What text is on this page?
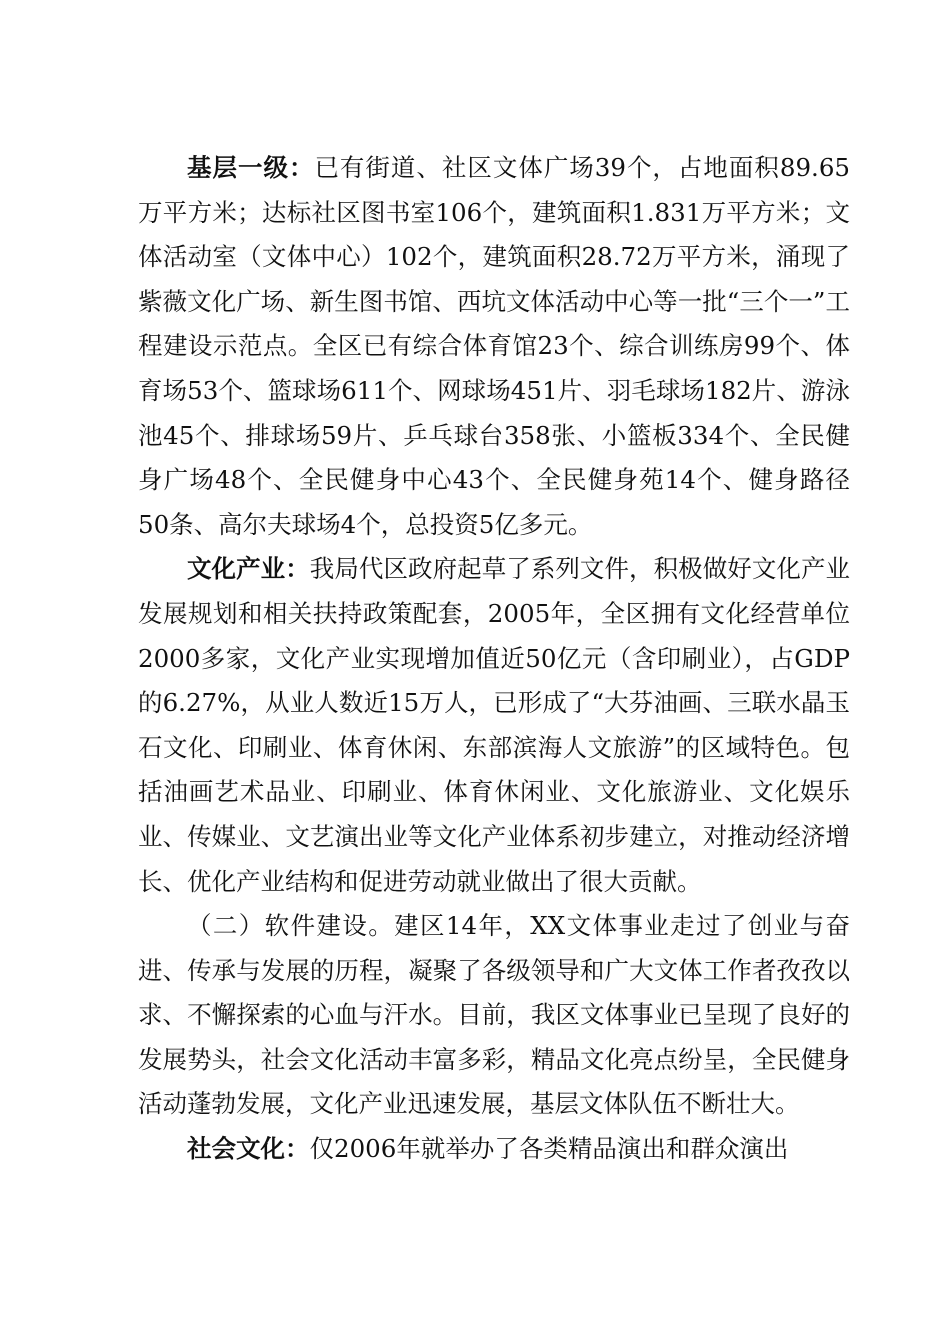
基层一级：已有街道、社区文体广场39个，占地面积89.65万平方米；达标社区图书室106个，建筑面积1.831万平方米；文体活动室（文体中心）102个，建筑面积28.72万平方米，涌现了紫薇文化广场、新生图书馆、西坑文体活动中心等一批“三个一”工程建设示范点。全区已有综合体育馆23个、综合训练房99个、体育场53个、篮球场611个、网球场451片、羽毛球场182片、游泳池45个、排球场59片、乒乓球台358张、小篮板334个、全民健身广场48个、全民健身中心43个、全民健身苑14个、健身路径50条、高尔夫球场4个，总投资5亿多元。

文化产业：我局代区政府起草了系列文件，积极做好文化产业发展规划和相关扶持政策配套，2005年，全区拥有文化经营单位2000多家，文化产业实现增加值近50亿元（含印刷业），占GDP的6.27%，从业人数近15万人，已形成了“大芬油画、三联水晶玉石文化、印刷业、体育休闲、东部滨海人文旅游”的区域特色。包括油画艺术品业、印刷业、体育休闲业、文化旅游业、文化娱乐业、传媒业、文艺演出业等文化产业体系初步建立，对推动经济增长、优化产业结构和促进劳动就业做出了很大贡献。

（二）软件建设。建区14年，XX文体事业走过了创业与奋进、传承与发展的历程，凝聚了各级领导和广大文体工作者孜孜以求、不懈探索的心血与汗水。目前，我区文体事业已呈现了良好的发展势头，社会文化活动丰富多彩，精品文化亮点纷呈，全民健身活动蓬勃发展，文化产业迅速发展，基层文体队伍不断壮大。

社会文化：仅2006年就举办了各类精品演出和群众演出
